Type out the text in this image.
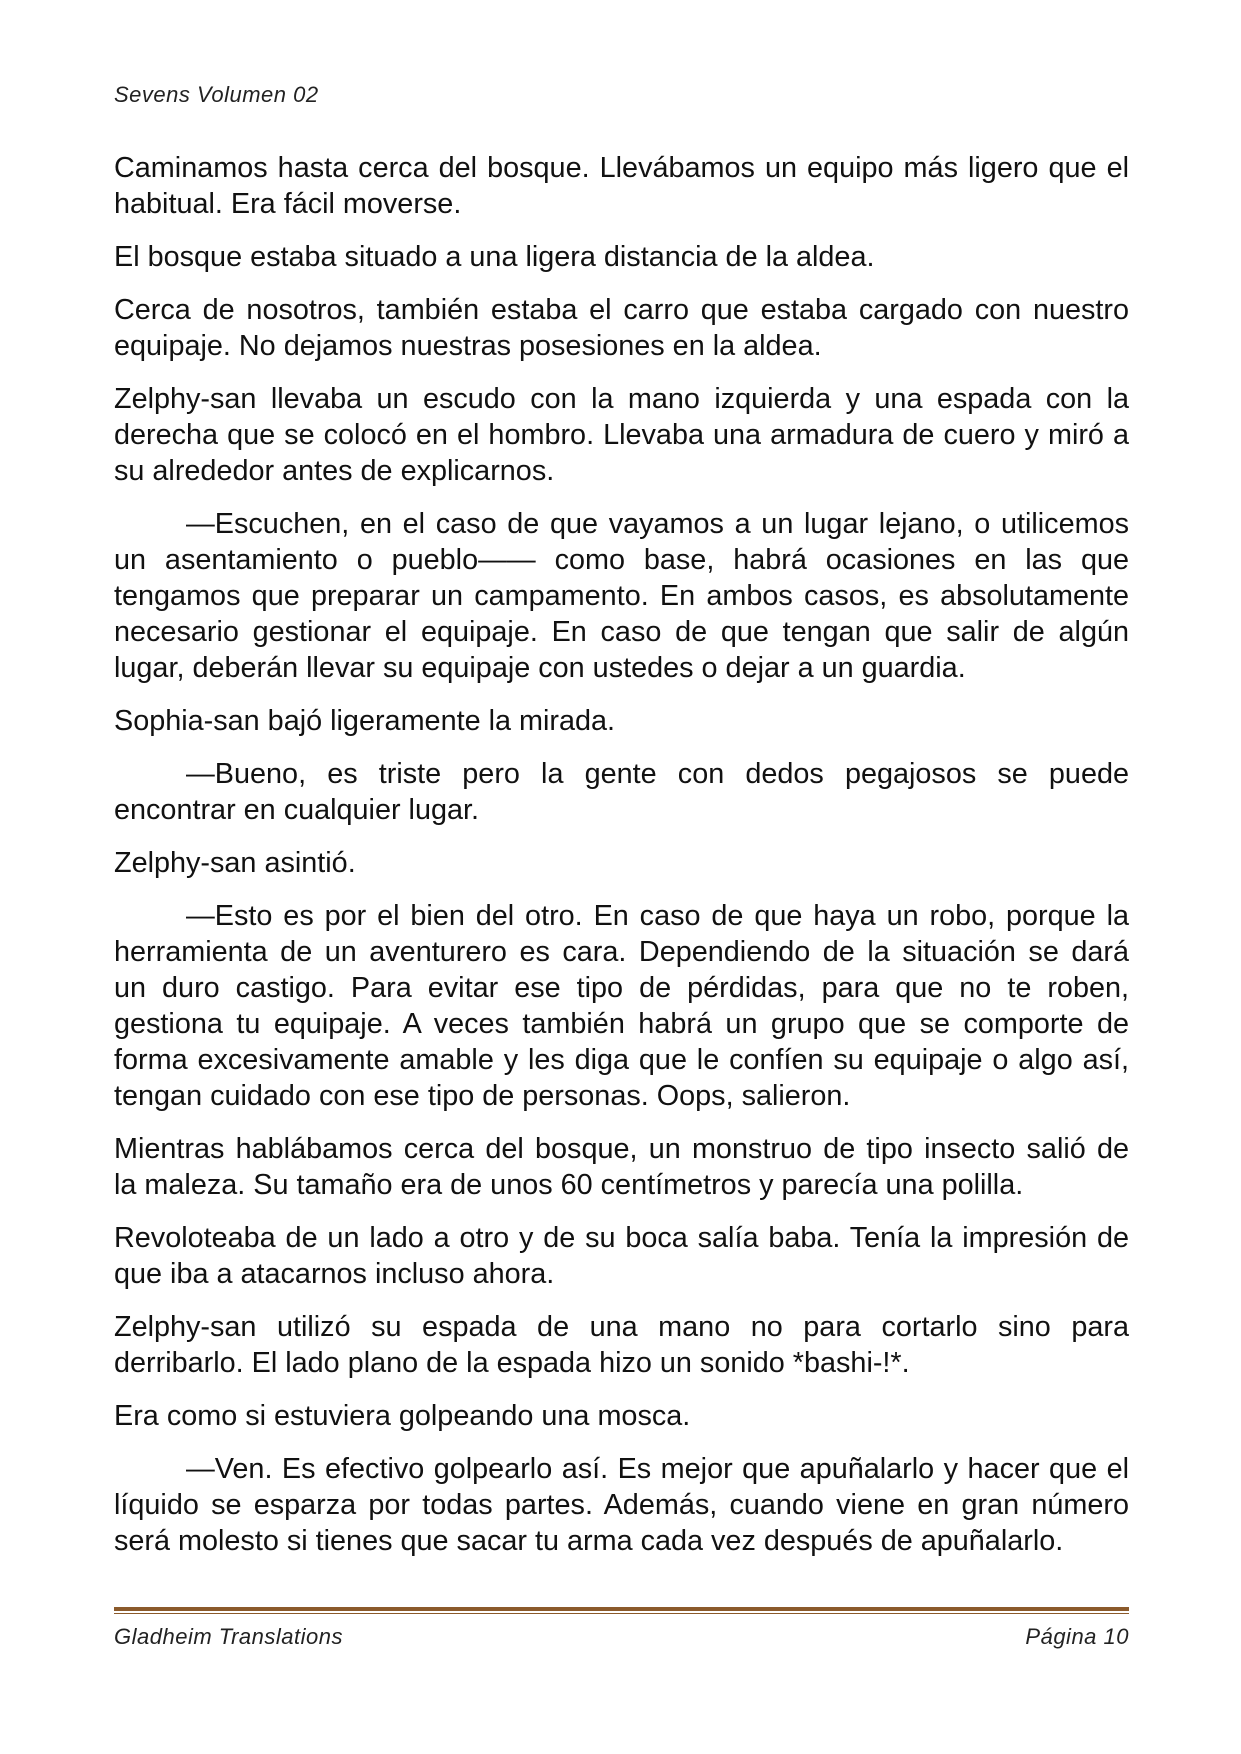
Sevens Volumen 02
Caminamos hasta cerca del bosque. Llevábamos un equipo más ligero que el
habitual. Era fácil moverse.
El bosque estaba situado a una ligera distancia de la aldea.
Cerca de nosotros, también estaba el carro que estaba cargado con nuestro
equipaje. No dejamos nuestras posesiones en la aldea.
Zelphy-san llevaba un escudo con la mano izquierda y una espada con la
derecha que se colocó en el hombro. Llevaba una armadura de cuero y miró a
su alrededor antes de explicarnos.
—Escuchen, en el caso de que vayamos a un lugar lejano, o utilicemos
un asentamiento o pueblo—— como base, habrá ocasiones en las que
tengamos que preparar un campamento. En ambos casos, es absolutamente
necesario gestionar el equipaje. En caso de que tengan que salir de algún
lugar, deberán llevar su equipaje con ustedes o dejar a un guardia.
Sophia-san bajó ligeramente la mirada.
—Bueno, es triste pero la gente con dedos pegajosos se puede
encontrar en cualquier lugar.
Zelphy-san asintió.
—Esto es por el bien del otro. En caso de que haya un robo, porque la
herramienta de un aventurero es cara. Dependiendo de la situación se dará
un duro castigo. Para evitar ese tipo de pérdidas, para que no te roben,
gestiona tu equipaje. A veces también habrá un grupo que se comporte de
forma excesivamente amable y les diga que le confíen su equipaje o algo así,
tengan cuidado con ese tipo de personas. Oops, salieron.
Mientras hablábamos cerca del bosque, un monstruo de tipo insecto salió de
la maleza. Su tamaño era de unos 60 centímetros y parecía una polilla.
Revoloteaba de un lado a otro y de su boca salía baba. Tenía la impresión de
que iba a atacarnos incluso ahora.
Zelphy-san utilizó su espada de una mano no para cortarlo sino para
derribarlo. El lado plano de la espada hizo un sonido *bashi-!*.
Era como si estuviera golpeando una mosca.
—Ven. Es efectivo golpearlo así. Es mejor que apuñalarlo y hacer que el
líquido se esparza por todas partes. Además, cuando viene en gran número
será molesto si tienes que sacar tu arma cada vez después de apuñalarlo.
Gladheim Translations	Página 10
